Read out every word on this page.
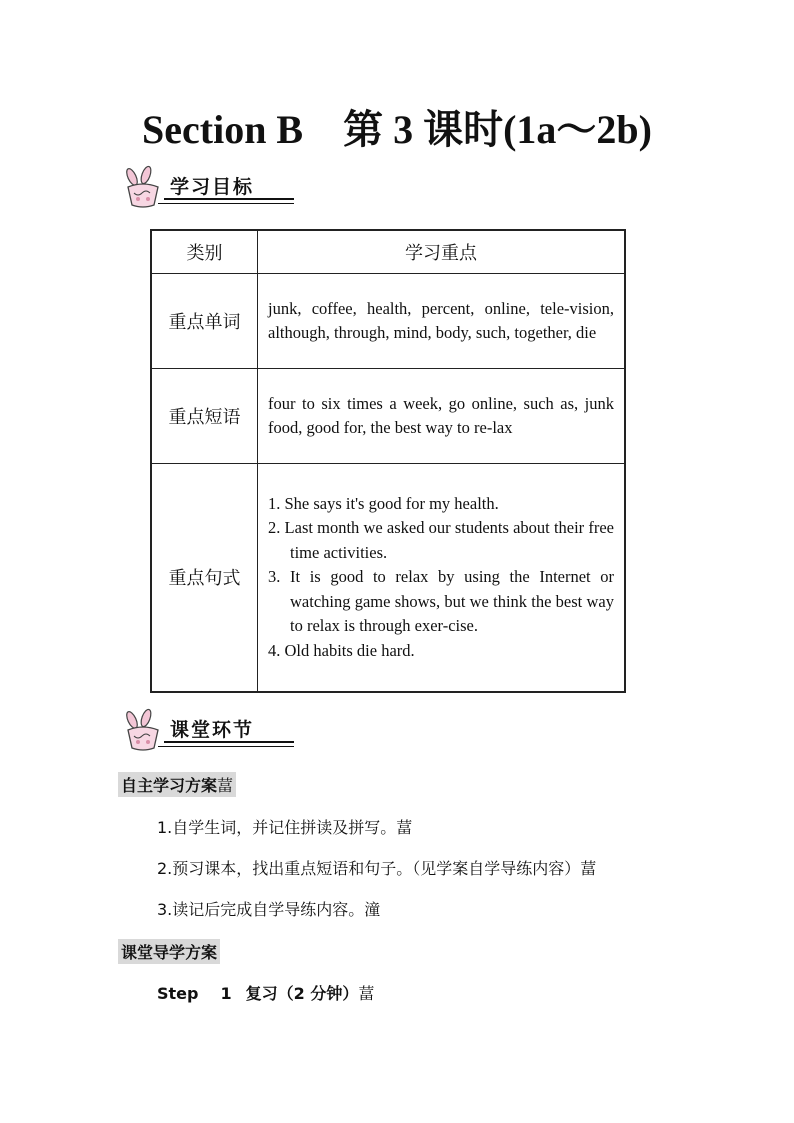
Section B 第 3 课时(1a～2b)
学习目标
类别	学习重点
重点单词	junk, coffee, health, percent, online, tele-vision, although, through, mind, body, such, together, die
重点短语	four to six times a week, go online, such as, junk food, good for, the best way to re-lax
重点句式	1. She says it's good for my health.
2. Last month we asked our students about their free time activities.
3. It is good to relax by using the Internet or watching game shows, but we think the best way to relax is through exer-cise.
4. Old habits die hard.
课堂环节
自主学习方案葍
1.自学生词，并记住拼读及拼写。葍
2.预习课本，找出重点短语和句子。（见学案自学导练内容）葍
3.读记后完成自学导练内容。潼
课堂导学方案
Step 1 复习（2 分钟）葍
